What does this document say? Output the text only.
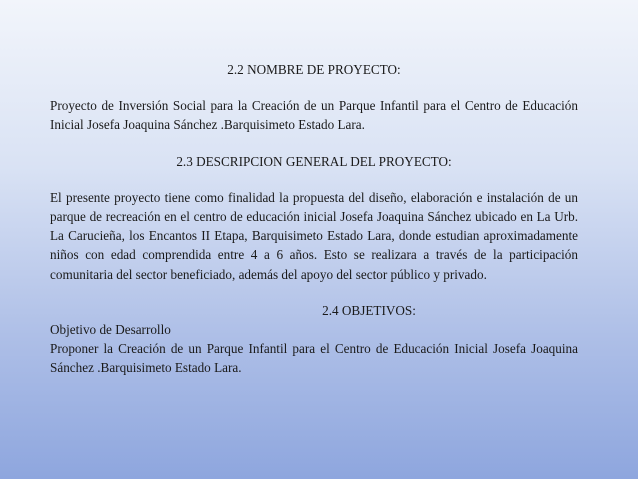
2.2 NOMBRE DE PROYECTO:

Proyecto de Inversión Social para la Creación de un Parque Infantil para el Centro de Educación Inicial Josefa Joaquina Sánchez .Barquisimeto Estado Lara.

2.3 DESCRIPCION GENERAL DEL PROYECTO:

El presente proyecto tiene como finalidad la propuesta del diseño, elaboración e instalación de un parque de recreación en el centro de educación inicial Josefa Joaquina Sánchez ubicado en La Urb. La Carucieña, los Encantos II Etapa, Barquisimeto Estado Lara, donde estudian aproximadamente niños con edad comprendida entre 4 a 6 años. Esto se realizara a través de la participación comunitaria del sector beneficiado, además del apoyo del sector público y privado.

2.4 OBJETIVOS:

Objetivo de Desarrollo

Proponer la Creación de un Parque Infantil para el Centro de Educación Inicial Josefa Joaquina Sánchez .Barquisimeto Estado Lara.
